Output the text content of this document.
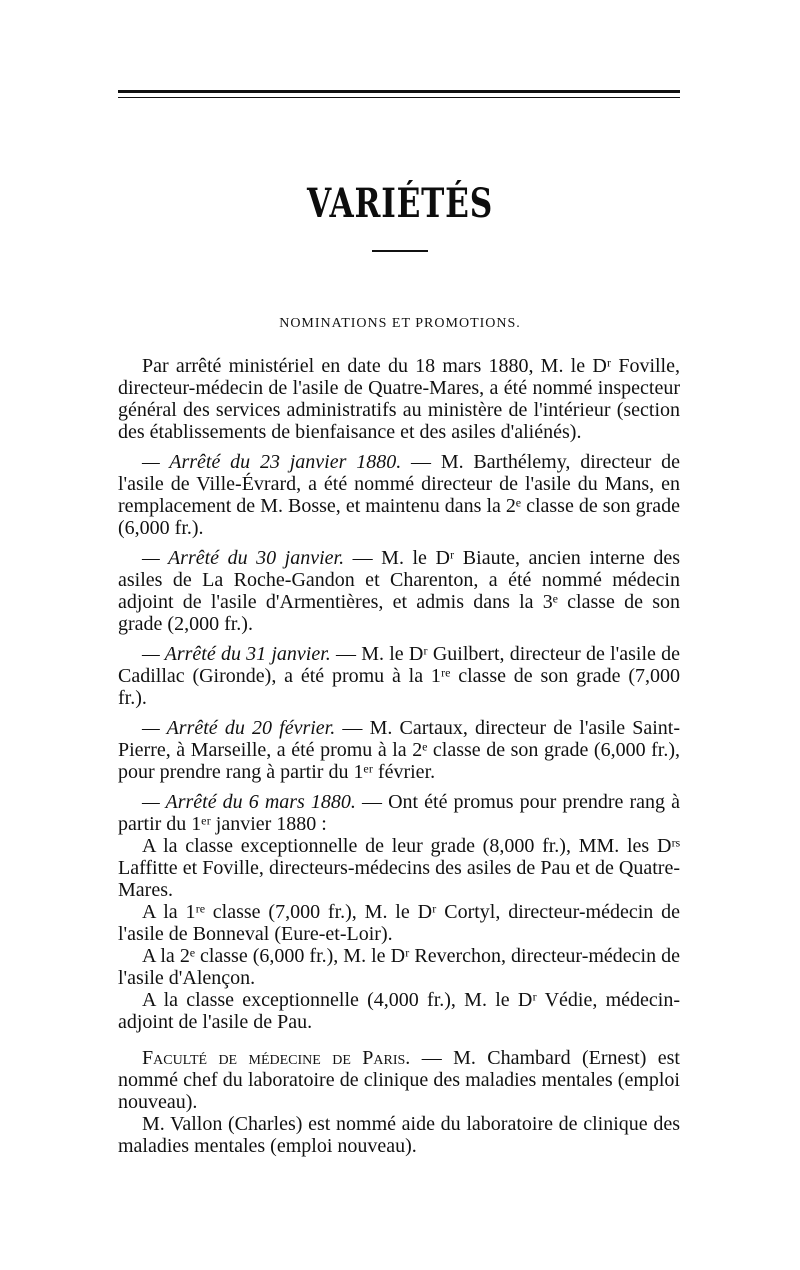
VARIÉTÉS
NOMINATIONS ET PROMOTIONS.

Par arrêté ministériel en date du 18 mars 1880, M. le Dʳ Foville, directeur-médecin de l'asile de Quatre-Mares, a été nommé inspecteur général des services administratifs au ministère de l'intérieur (section des établissements de bienfaisance et des asiles d'aliénés).

— Arrêté du 23 janvier 1880. — M. Barthélemy, directeur de l'asile de Ville-Évrard, a été nommé directeur de l'asile du Mans, en remplacement de M. Bosse, et maintenu dans la 2ᵉ classe de son grade (6,000 fr.).

— Arrêté du 30 janvier. — M. le Dʳ Biaute, ancien interne des asiles de La Roche-Gandon et Charenton, a été nommé médecin adjoint de l'asile d'Armentières, et admis dans la 3ᵉ classe de son grade (2,000 fr.).

— Arrêté du 31 janvier. — M. le Dʳ Guilbert, directeur de l'asile de Cadillac (Gironde), a été promu à la 1ʳᵉ classe de son grade (7,000 fr.).

— Arrêté du 20 février. — M. Cartaux, directeur de l'asile Saint-Pierre, à Marseille, a été promu à la 2ᵉ classe de son grade (6,000 fr.), pour prendre rang à partir du 1ᵉʳ février.

— Arrêté du 6 mars 1880. — Ont été promus pour prendre rang à partir du 1ᵉʳ janvier 1880 :

A la classe exceptionnelle de leur grade (8,000 fr.), MM. les Dʳˢ Laffitte et Foville, directeurs-médecins des asiles de Pau et de Quatre-Mares.

A la 1ʳᵉ classe (7,000 fr.), M. le Dʳ Cortyl, directeur-médecin de l'asile de Bonneval (Eure-et-Loir).

A la 2ᵉ classe (6,000 fr.), M. le Dʳ Reverchon, directeur-médecin de l'asile d'Alençon.

A la classe exceptionnelle (4,000 fr.), M. le Dʳ Védie, médecin-adjoint de l'asile de Pau.

Faculté de médecine de Paris. — M. Chambard (Ernest) est nommé chef du laboratoire de clinique des maladies mentales (emploi nouveau).

M. Vallon (Charles) est nommé aide du laboratoire de clinique des maladies mentales (emploi nouveau).
